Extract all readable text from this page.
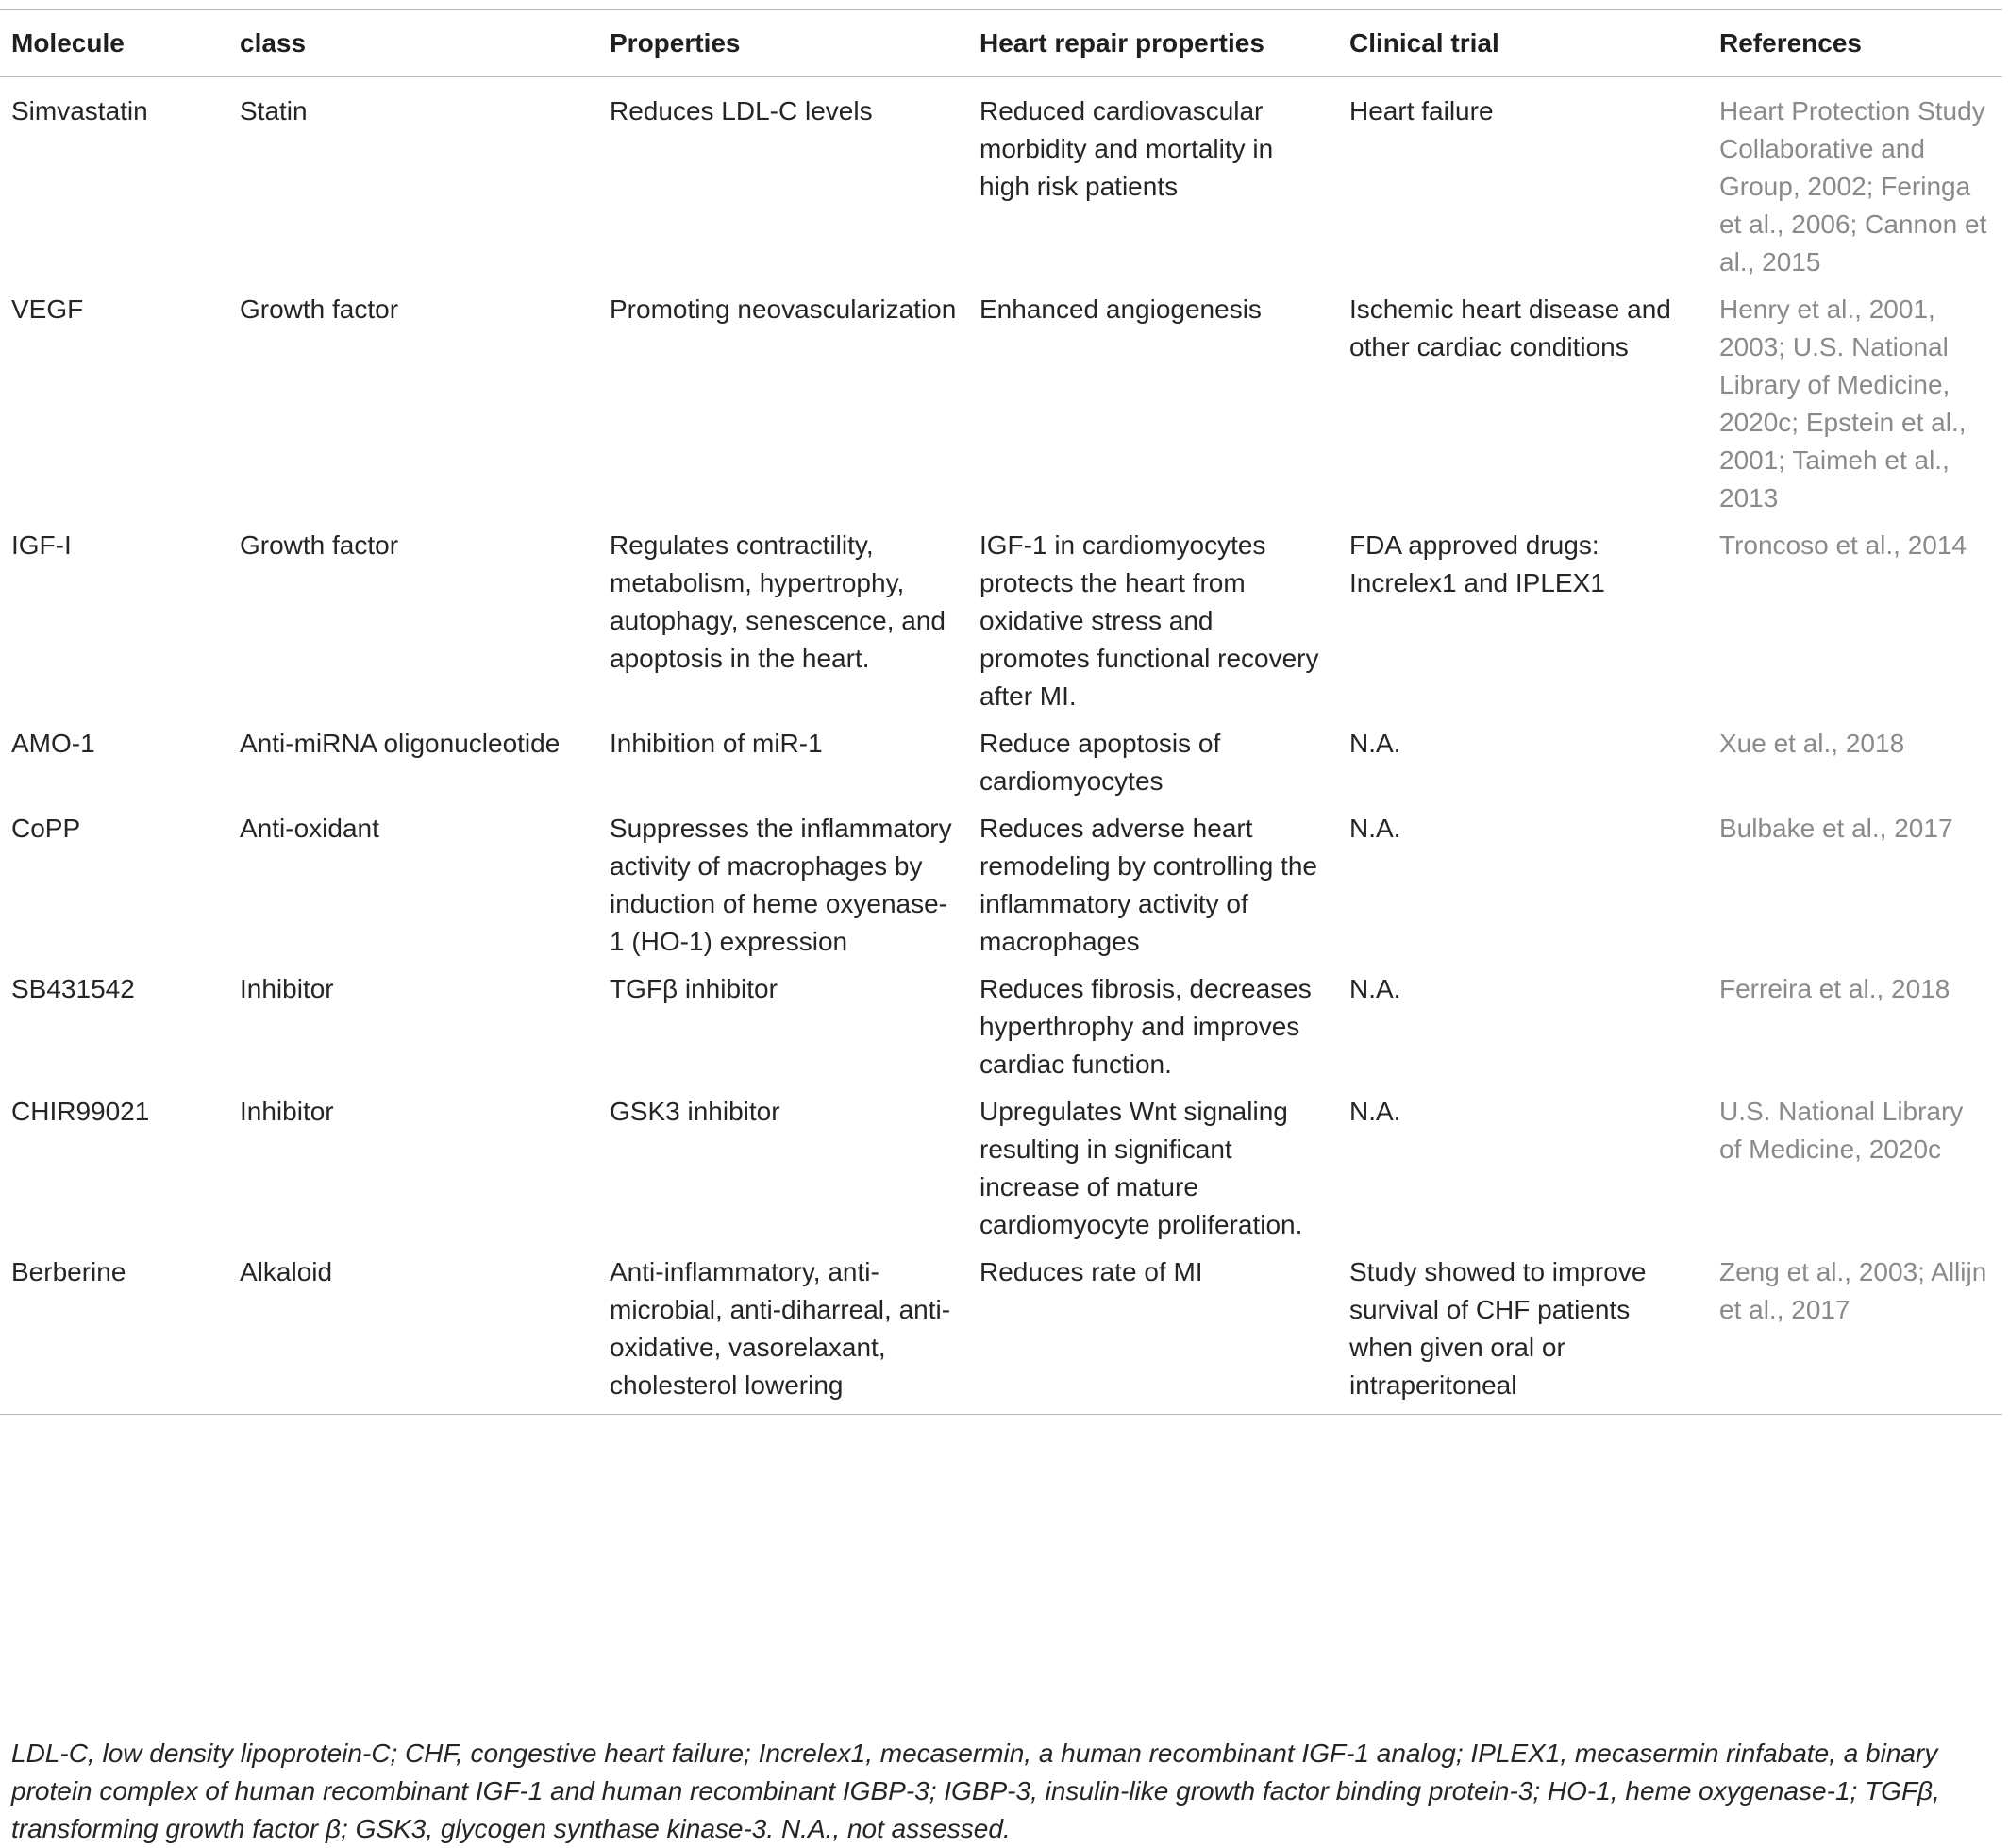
Molecule	class	Properties	Heart repair properties	Clinical trial	References
Simvastatin	Statin	Reduces LDL-C levels	Reduced cardiovascular morbidity and mortality in high risk patients	Heart failure	Heart Protection Study Collaborative and Group, 2002; Feringa et al., 2006; Cannon et al., 2015
VEGF	Growth factor	Promoting neovascularization	Enhanced angiogenesis	Ischemic heart disease and other cardiac conditions	Henry et al., 2001, 2003; U.S. National Library of Medicine, 2020c; Epstein et al., 2001; Taimeh et al., 2013
IGF-I	Growth factor	Regulates contractility, metabolism, hypertrophy, autophagy, senescence, and apoptosis in the heart.	IGF-1 in cardiomyocytes protects the heart from oxidative stress and promotes functional recovery after MI.	FDA approved drugs: Increlex1 and IPLEX1	Troncoso et al., 2014
AMO-1	Anti-miRNA oligonucleotide	Inhibition of miR-1	Reduce apoptosis of cardiomyocytes	N.A.	Xue et al., 2018
CoPP	Anti-oxidant	Suppresses the inflammatory activity of macrophages by induction of heme oxyenase-1 (HO-1) expression	Reduces adverse heart remodeling by controlling the inflammatory activity of macrophages	N.A.	Bulbake et al., 2017
SB431542	Inhibitor	TGFβ inhibitor	Reduces fibrosis, decreases hyperthrophy and improves cardiac function.	N.A.	Ferreira et al., 2018
CHIR99021	Inhibitor	GSK3 inhibitor	Upregulates Wnt signaling resulting in significant increase of mature cardiomyocyte proliferation.	N.A.	U.S. National Library of Medicine, 2020c
Berberine	Alkaloid	Anti-inflammatory, anti-microbial, anti-diharreal, anti-oxidative, vasorelaxant, cholesterol lowering	Reduces rate of MI	Study showed to improve survival of CHF patients when given oral or intraperitoneal	Zeng et al., 2003; Allijn et al., 2017
LDL-C, low density lipoprotein-C; CHF, congestive heart failure; Increlex1, mecasermin, a human recombinant IGF-1 analog; IPLEX1, mecasermin rinfabate, a binary protein complex of human recombinant IGF-1 and human recombinant IGBP-3; IGBP-3, insulin-like growth factor binding protein-3; HO-1, heme oxygenase-1; TGFβ, transforming growth factor β; GSK3, glycogen synthase kinase-3. N.A., not assessed.
